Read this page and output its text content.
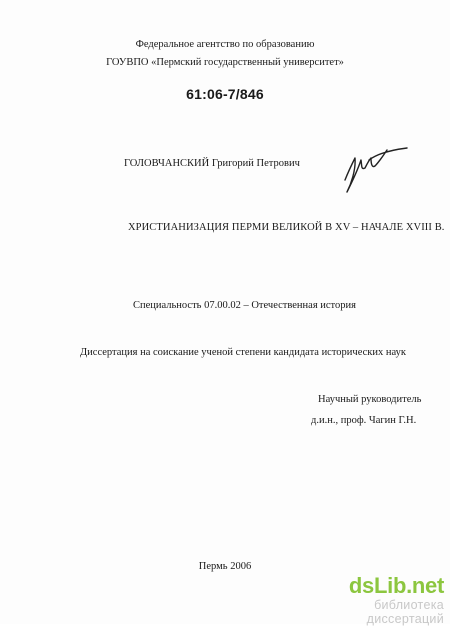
Федеральное агентство по образованию
ГОУВПО «Пермский государственный университет»
61:06-7/846
ГОЛОВЧАНСКИЙ Григорий Петрович
ХРИСТИАНИЗАЦИЯ ПЕРМИ ВЕЛИКОЙ В XV – НАЧАЛЕ XVIII В.
Специальность 07.00.02 – Отечественная история
Диссертация на соискание ученой степени кандидата исторических наук
Научный руководитель
д.и.н., проф. Чагин Г.Н.
Пермь 2006
dsLib.net
библиотека диссертаций
